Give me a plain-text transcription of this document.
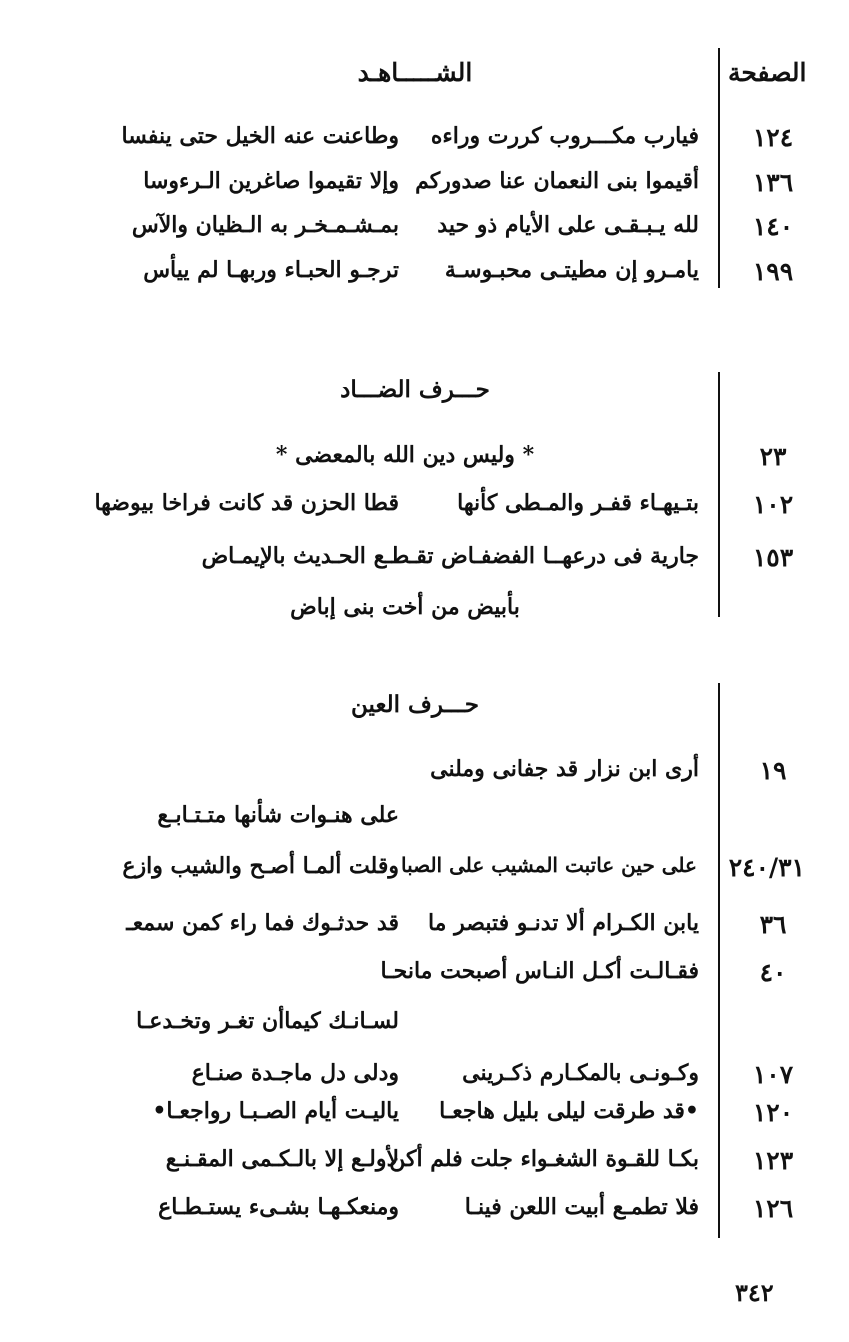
الصفحة
الشـــــاهـد
١٢٤
فيارب مكـــروب كررت وراءه
وطاعنت عنه الخيل حتى ينفسا
١٣٦
أقيموا بنى النعمان عنا صدوركم
وإلا تقيموا صاغرين الـرءوسا
١٤٠
لله يـبـقـى على الأيام ذو حيد
بمـشـمـخـر به الـظيان والآس
١٩٩
يامـرو إن مطيتـى محبـوسـة
ترجـو الحبـاء وربهـا لم ييأس
حـــرف الضـــاد
٢٣
* وليس دين الله بالمعضى *
١٠٢
بتـيهـاء قفـر والمـطى كأنها
قطا الحزن قد كانت فراخا بيوضها
١٥٣
جارية فى درعهــا الفضفـاض تقـطـع الحـديث بالإيمـاض
بأبيض من أخت بنى إباض
حـــرف العين
١٩
أرى ابن نزار قد جفانى وملنى
على هنـوات شأنها متـتـابـع
٢٤٠/٣١
على حين عاتبت المشيب على الصبا
وقلت ألمـا أصـح والشيب وازع
٣٦
يابن الكـرام ألا تدنـو فتبصر ما
قد حدثـوك فما راء كمن سمعـ
٤٠
فقـالـت أكـل النـاس أصبحت مانحـا
لسـانـك كيماأن تغـر وتخـدعـا
١٠٧
وكـونـى بالمكـارم ذكـرينى
ودلى دل ماجـدة صنـاع
١٢٠
•قد طرقت ليلى بليل هاجعـا
ياليـت أيام الصـبـا رواجعـا•
١٢٣
بكـا للقـوة الشغـواء جلت فلم أكن
لأولـع إلا بالـكـمى المقـنـع
١٢٦
فلا تطمـع أبيت اللعن فينـا
ومنعكـهـا بشـىء يستـطـاع
٣٤٢
